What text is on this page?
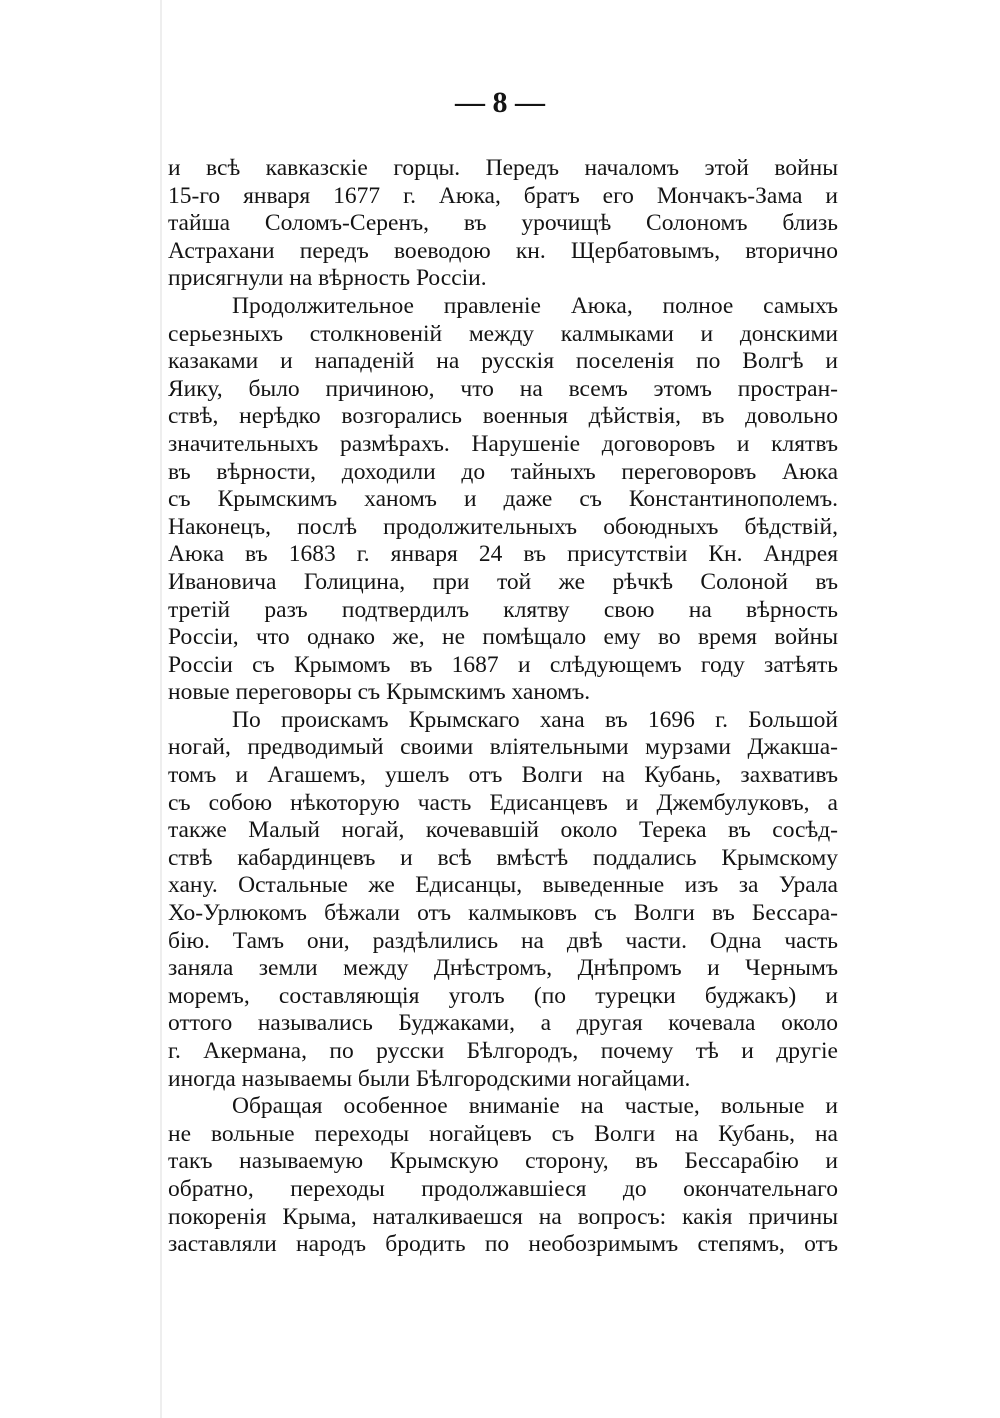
— 8 —
и всѣ кавказскіе горцы. Передъ началомъ этой войны
15-го января 1677 г. Аюка, братъ его Мончакъ-Зама и
тайша Соломъ-Серенъ, въ урочищѣ Солономъ близь
Астрахани передъ воеводою кн. Щербатовымъ, вторично
присягнули на вѣрность Россіи.
Продолжительное правленіе Аюка, полное самыхъ
серьезныхъ столкновеній между калмыками и донскими
казаками и нападеній на русскія поселенія по Волгѣ и
Яику, было причиною, что на всемъ этомъ простран-
ствѣ, нерѣдко возгорались военныя дѣйствія, въ довольно
значительныхъ размѣрахъ. Нарушеніе договоровъ и клятвъ
въ вѣрности, доходили до тайныхъ переговоровъ Аюка
съ Крымскимъ ханомъ и даже съ Константинополемъ.
Наконецъ, послѣ продолжительныхъ обоюдныхъ бѣдствій,
Аюка въ 1683 г. января 24 въ присутствіи Кн. Андрея
Ивановича Голицина, при той же рѣчкѣ Солоной въ
третій разъ подтвердилъ клятву свою на вѣрность
Россіи, что однако же, не помѣщало ему во время войны
Россіи съ Крымомъ въ 1687 и слѣдующемъ году затѣять
новые переговоры съ Крымскимъ ханомъ.
По проискамъ Крымскаго хана въ 1696 г. Большой
ногай, предводимый своими вліятельными мурзами Джакша-
томъ и Агашемъ, ушелъ отъ Волги на Кубань, захвативъ
съ собою нѣкоторую часть Едисанцевъ и Джембулуковъ, а
также Малый ногай, кочевавшій около Терека въ сосѣд-
ствѣ кабардинцевъ и всѣ вмѣстѣ поддались Крымскому
хану. Остальные же Едисанцы, выведенные изъ за Урала
Хо-Урлюкомъ бѣжали отъ калмыковъ съ Волги въ Бессара-
бію. Тамъ они, раздѣлились на двѣ части. Одна часть
заняла земли между Днѣстромъ, Днѣпромъ и Чернымъ
моремъ, составляющія уголъ (по турецки буджакъ) и
оттого назывались Буджаками, а другая кочевала около
г. Акермана, по русски Бѣлгородъ, почему тѣ и другіе
иногда называемы были Бѣлгородскими ногайцами.
Обращая особенное вниманіе на частые, вольные и
не вольные переходы ногайцевъ съ Волги на Кубань, на
такъ называемую Крымскую сторону, въ Бессарабію и
обратно, переходы продолжавшіеся до окончательнаго
покоренія Крыма, наталкиваешся на вопросъ: какія причины
заставляли народъ бродить по необозримымъ степямъ, отъ
